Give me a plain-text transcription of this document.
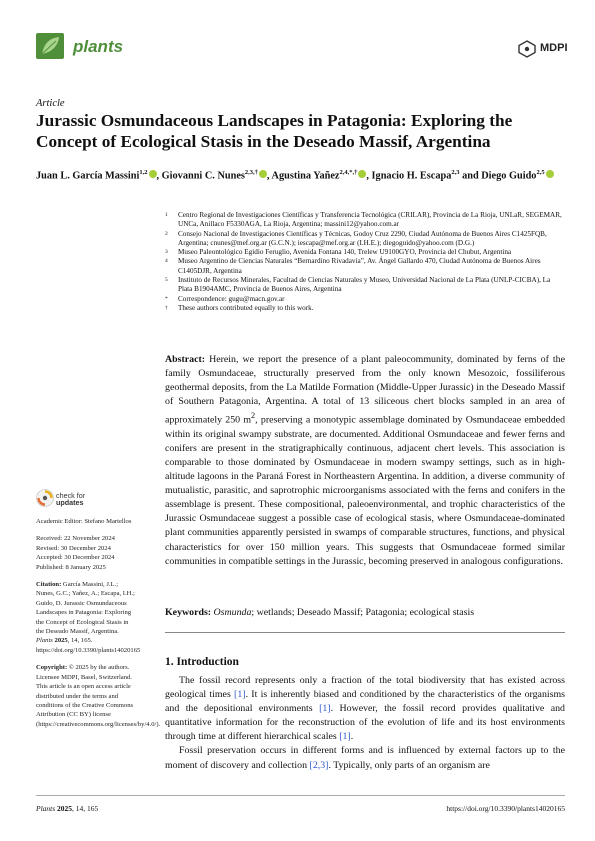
plants	MDPI
Article
Jurassic Osmundaceous Landscapes in Patagonia: Exploring the Concept of Ecological Stasis in the Deseado Massif, Argentina
Juan L. García Massini$^{1,2}$ , Giovanni C. Nunes$^{2,3,\dagger}$ , Agustina Yañez$^{2,4,*,\dagger}$ , Ignacio H. Escapa$^{2,3}$ and Diego Guido$^{2,5}$
1 Centro Regional de Investigaciones Científicas y Transferencia Tecnológica (CRILAR), Provincia de La Rioja, UNLaR, SEGEMAR, UNCa, Anillaco F5330AGA, La Rioja, Argentina; massini12@yahoo.com.ar
2 Consejo Nacional de Investigaciones Científicas y Técnicas, Godoy Cruz 2290, Ciudad Autónoma de Buenos Aires C1425FQB, Argentina; cnunes@mef.org.ar (G.C.N.); iescapa@mef.org.ar (I.H.E.); diegoguido@yahoo.com (D.G.)
3 Museo Paleontológico Egidio Feruglio, Avenida Fontana 140, Trelew U9100GYO, Provincia del Chubut, Argentina
4 Museo Argentino de Ciencias Naturales “Bernardino Rivadavia”, Av. Ángel Gallardo 470, Ciudad Autónoma de Buenos Aires C1405DJR, Argentina
5 Instituto de Recursos Minerales, Facultad de Ciencias Naturales y Museo, Universidad Nacional de La Plata (UNLP-CICBA), La Plata B1904AMC, Provincia de Buenos Aires, Argentina
* Correspondence: gugu@macn.gov.ar
† These authors contributed equally to this work.
Abstract: Herein, we report the presence of a plant paleocommunity, dominated by ferns of the family Osmundaceae, structurally preserved from the only known Mesozoic, fossiliferous geothermal deposits, from the La Matilde Formation (Middle-Upper Jurassic) in the Deseado Massif of Southern Patagonia, Argentina. A total of 13 siliceous chert blocks sampled in an area of approximately 250 $m^2$, preserving a monotypic assemblage dominated by Osmundaceae embedded within its original swampy substrate, are documented. Additional Osmundaceae and fewer ferns and conifers are present in the stratigraphically continuous, adjacent chert levels. This association is comparable to those dominated by Osmundaceae in modern swampy settings, such as in high-altitude lagoons in the Paraná Forest in Northeastern Argentina. In addition, a diverse community of mutualistic, parasitic, and saprotrophic microorganisms associated with the ferns and conifers in the assemblage is present. These compositional, paleoenvironmental, and trophic characteristics of the Jurassic Osmundaceae suggest a possible case of ecological stasis, where Osmundaceae-dominated plant communities apparently persisted in swamps of comparable structures, functions, and physical characteristics for over 150 million years. This suggests that Osmundaceae formed similar communities in compatible settings in the Jurassic, becoming preserved in analogous configurations.
Keywords: Osmunda; wetlands; Deseado Massif; Patagonia; ecological stasis
check for
updates

Academic Editor: Stefano Martellos

Received: 22 November 2024

Revised: 30 December 2024

Accepted: 30 December 2024

Published: 8 January 2025

Citation: García Massini, J.L.; Nunes, G.C.; Yañez, A.; Escapa, I.H.; Guido, D. Jurassic Osmundaceous Landscapes in Patagonia: Exploring the Concept of Ecological Stasis in the Deseado Massif, Argentina. Plants 2025, 14, 165. https://doi.org/10.3390/plants14020165

Copyright: © 2025 by the authors. Licensee MDPI, Basel, Switzerland. This article is an open access article distributed under the terms and conditions of the Creative Commons Attribution (CC BY) license (https://creativecommons.org/licenses/by/4.0/).

1. Introduction

The fossil record represents only a fraction of the total biodiversity that has existed across geological times [1]. It is inherently biased and conditioned by the characteristics of the organisms and the depositional environments [1]. However, the fossil record provides qualitative and quantitative information for the reconstruction of the evolution of life and its host environments through time at different hierarchical scales [1].

Fossil preservation occurs in different forms and is influenced by external factors up to the moment of discovery and collection [2,3]. Typically, only parts of an organism are

Plants 2025, 14, 165	https://doi.org/10.3390/plants14020165
